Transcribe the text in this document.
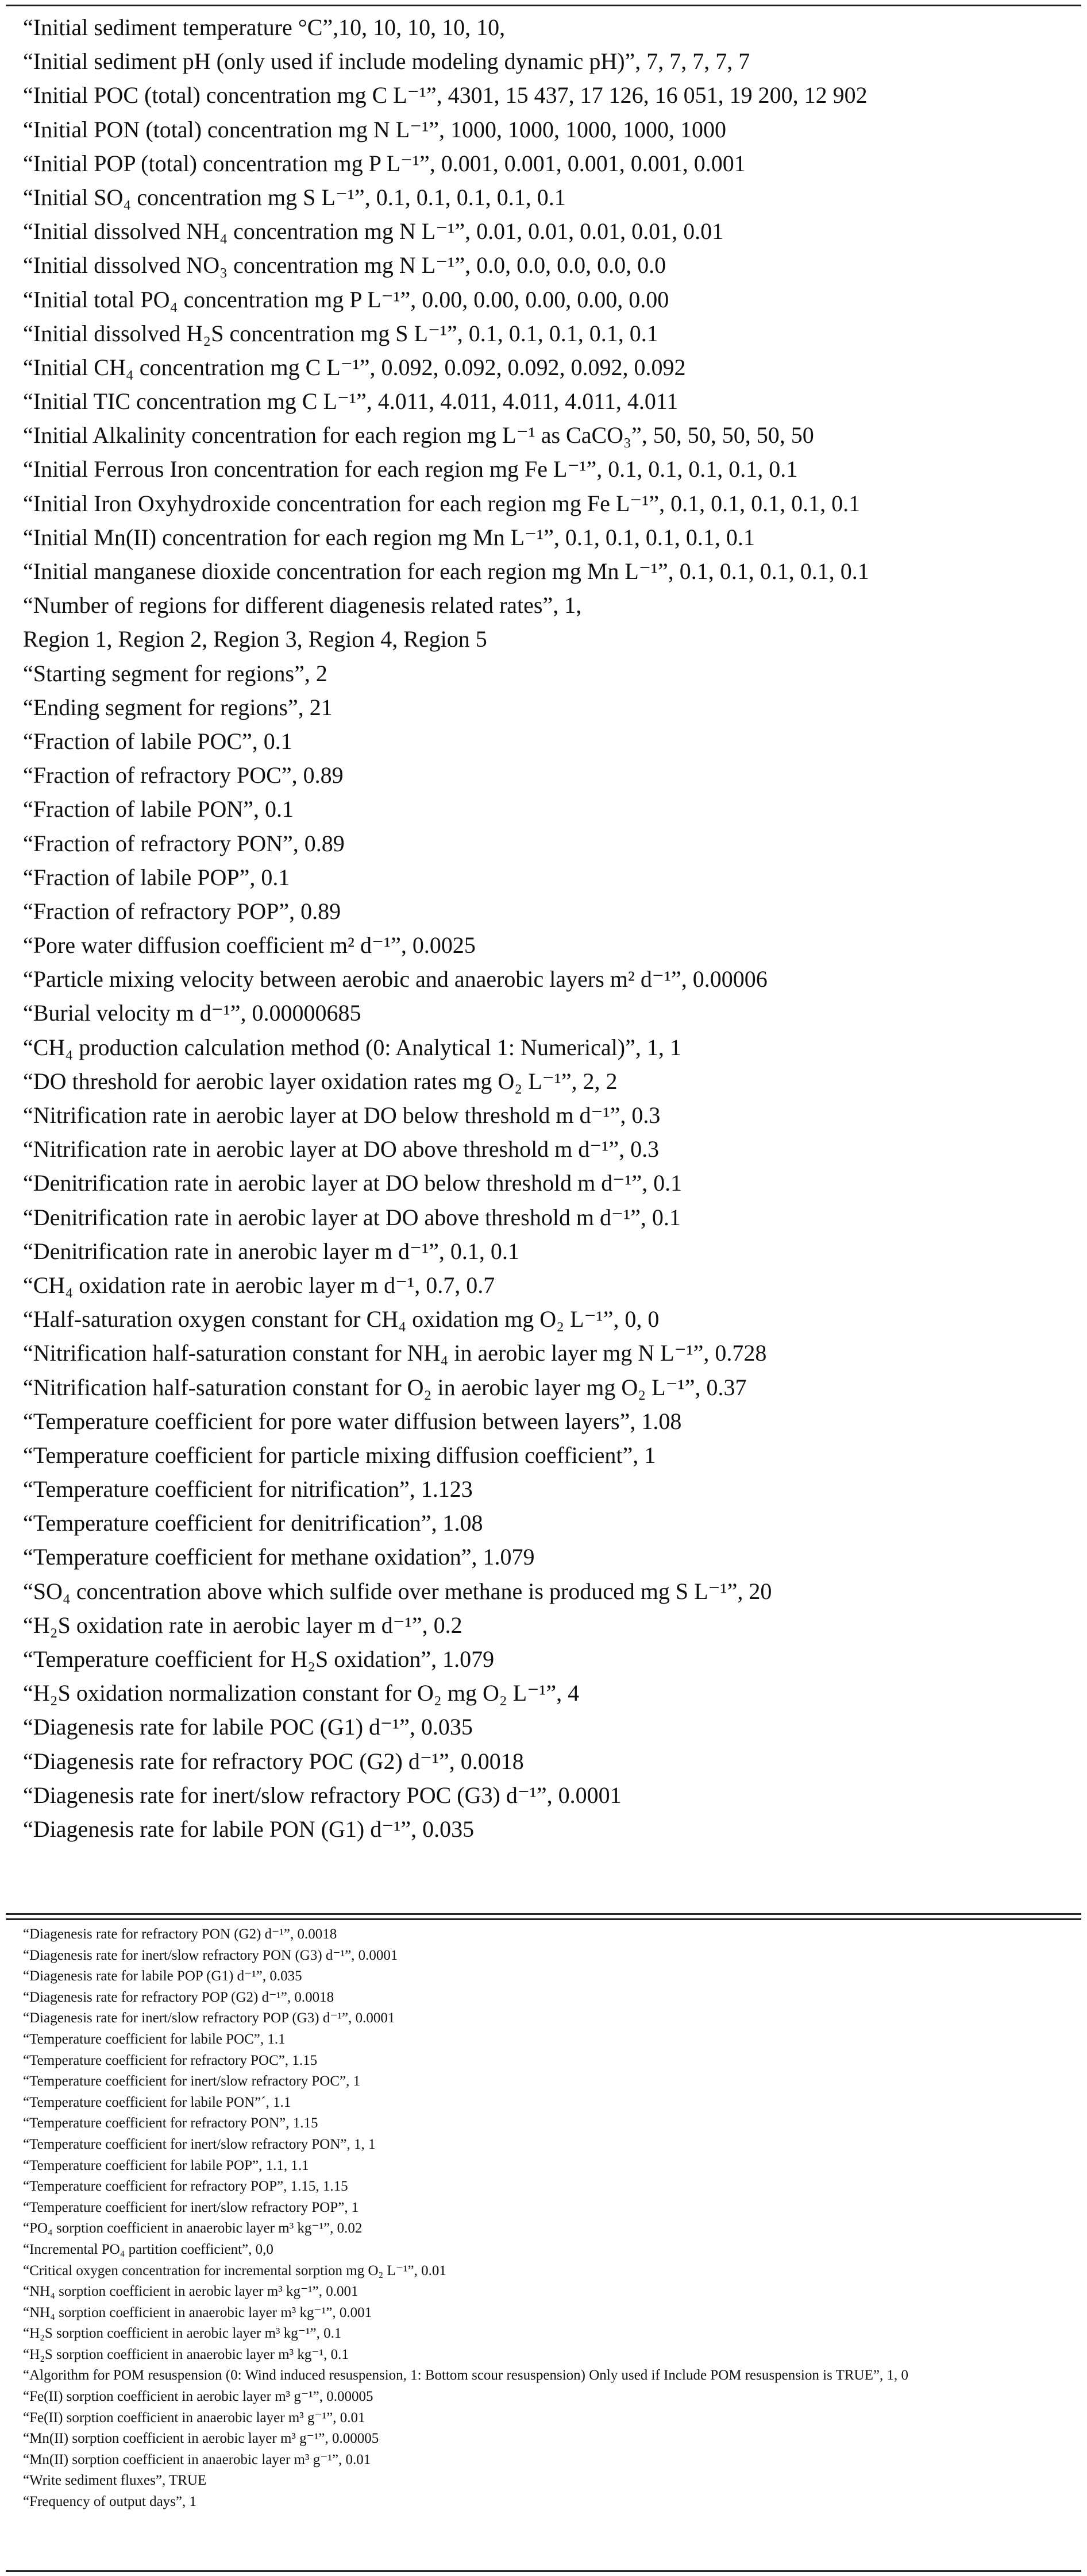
“Initial sediment temperature °C”,10, 10, 10, 10, 10,
“Initial sediment pH (only used if include modeling dynamic pH)”, 7, 7, 7, 7, 7
“Initial POC (total) concentration mg C L⁻¹”, 4301, 15 437, 17 126, 16 051, 19 200, 12 902
“Initial PON (total) concentration mg N L⁻¹”, 1000, 1000, 1000, 1000, 1000
“Initial POP (total) concentration mg P L⁻¹”, 0.001, 0.001, 0.001, 0.001, 0.001
“Initial SO₄ concentration mg S L⁻¹”, 0.1, 0.1, 0.1, 0.1, 0.1
“Initial dissolved NH₄ concentration mg N L⁻¹”, 0.01, 0.01, 0.01, 0.01, 0.01
“Initial dissolved NO₃ concentration mg N L⁻¹”, 0.0, 0.0, 0.0, 0.0, 0.0
“Initial total PO₄ concentration mg P L⁻¹”, 0.00, 0.00, 0.00, 0.00, 0.00
“Initial dissolved H₂S concentration mg S L⁻¹”, 0.1, 0.1, 0.1, 0.1, 0.1
“Initial CH₄ concentration mg C L⁻¹”, 0.092, 0.092, 0.092, 0.092, 0.092
“Initial TIC concentration mg C L⁻¹”, 4.011, 4.011, 4.011, 4.011, 4.011
“Initial Alkalinity concentration for each region mg L⁻¹ as CaCO₃”, 50, 50, 50, 50, 50
“Initial Ferrous Iron concentration for each region mg Fe L⁻¹”, 0.1, 0.1, 0.1, 0.1, 0.1
“Initial Iron Oxyhydroxide concentration for each region mg Fe L⁻¹”, 0.1, 0.1, 0.1, 0.1, 0.1
“Initial Mn(II) concentration for each region mg Mn L⁻¹”, 0.1, 0.1, 0.1, 0.1, 0.1
“Initial manganese dioxide concentration for each region mg Mn L⁻¹”, 0.1, 0.1, 0.1, 0.1, 0.1
“Number of regions for different diagenesis related rates”, 1,
Region 1, Region 2, Region 3, Region 4, Region 5
“Starting segment for regions”, 2
“Ending segment for regions”, 21
“Fraction of labile POC”, 0.1
“Fraction of refractory POC”, 0.89
“Fraction of labile PON”, 0.1
“Fraction of refractory PON”, 0.89
“Fraction of labile POP”, 0.1
“Fraction of refractory POP”, 0.89
“Pore water diffusion coefficient m² d⁻¹”, 0.0025
“Particle mixing velocity between aerobic and anaerobic layers m² d⁻¹”, 0.00006
“Burial velocity m d⁻¹”, 0.00000685
“CH₄ production calculation method (0: Analytical 1: Numerical)”, 1, 1
“DO threshold for aerobic layer oxidation rates mg O₂ L⁻¹”, 2, 2
“Nitrification rate in aerobic layer at DO below threshold m d⁻¹”, 0.3
“Nitrification rate in aerobic layer at DO above threshold m d⁻¹”, 0.3
“Denitrification rate in aerobic layer at DO below threshold m d⁻¹”, 0.1
“Denitrification rate in aerobic layer at DO above threshold m d⁻¹”, 0.1
“Denitrification rate in anerobic layer m d⁻¹”, 0.1, 0.1
“CH₄ oxidation rate in aerobic layer m d⁻¹, 0.7, 0.7
“Half-saturation oxygen constant for CH₄ oxidation mg O₂ L⁻¹”, 0, 0
“Nitrification half-saturation constant for NH₄ in aerobic layer mg N L⁻¹”, 0.728
“Nitrification half-saturation constant for O₂ in aerobic layer mg O₂ L⁻¹”, 0.37
“Temperature coefficient for pore water diffusion between layers”, 1.08
“Temperature coefficient for particle mixing diffusion coefficient”, 1
“Temperature coefficient for nitrification”, 1.123
“Temperature coefficient for denitrification”, 1.08
“Temperature coefficient for methane oxidation”, 1.079
“SO₄ concentration above which sulfide over methane is produced mg S L⁻¹”, 20
“H₂S oxidation rate in aerobic layer m d⁻¹”, 0.2
“Temperature coefficient for H₂S oxidation”, 1.079
“H₂S oxidation normalization constant for O₂ mg O₂ L⁻¹”, 4
“Diagenesis rate for labile POC (G1) d⁻¹”, 0.035
“Diagenesis rate for refractory POC (G2) d⁻¹”, 0.0018
“Diagenesis rate for inert/slow refractory POC (G3) d⁻¹”, 0.0001
“Diagenesis rate for labile PON (G1) d⁻¹”, 0.035
“Diagenesis rate for refractory PON (G2) d⁻¹”, 0.0018
“Diagenesis rate for inert/slow refractory PON (G3) d⁻¹”, 0.0001
“Diagenesis rate for labile POP (G1) d⁻¹”, 0.035
“Diagenesis rate for refractory POP (G2) d⁻¹”, 0.0018
“Diagenesis rate for inert/slow refractory POP (G3) d⁻¹”, 0.0001
“Temperature coefficient for labile POC”, 1.1
“Temperature coefficient for refractory POC”, 1.15
“Temperature coefficient for inert/slow refractory POC”, 1
“Temperature coefficient for labile PON”´, 1.1
“Temperature coefficient for refractory PON”, 1.15
“Temperature coefficient for inert/slow refractory PON”, 1, 1
“Temperature coefficient for labile POP”, 1.1, 1.1
“Temperature coefficient for refractory POP”, 1.15, 1.15
“Temperature coefficient for inert/slow refractory POP”, 1
“PO₄ sorption coefficient in anaerobic layer m³ kg⁻¹”, 0.02
“Incremental PO₄ partition coefficient”, 0,0
“Critical oxygen concentration for incremental sorption mg O₂ L⁻¹”, 0.01
“NH₄ sorption coefficient in aerobic layer m³ kg⁻¹”, 0.001
“NH₄ sorption coefficient in anaerobic layer m³ kg⁻¹”, 0.001
“H₂S sorption coefficient in aerobic layer m³ kg⁻¹”, 0.1
“H₂S sorption coefficient in anaerobic layer m³ kg⁻¹, 0.1
“Algorithm for POM resuspension (0: Wind induced resuspension, 1: Bottom scour resuspension) Only used if Include POM resuspension is TRUE”, 1, 0
“Fe(II) sorption coefficient in aerobic layer m³ g⁻¹”, 0.00005
“Fe(II) sorption coefficient in anaerobic layer m³ g⁻¹”, 0.01
“Mn(II) sorption coefficient in aerobic layer m³ g⁻¹”, 0.00005
“Mn(II) sorption coefficient in anaerobic layer m³ g⁻¹”, 0.01
“Write sediment fluxes”, TRUE
“Frequency of output days”, 1
